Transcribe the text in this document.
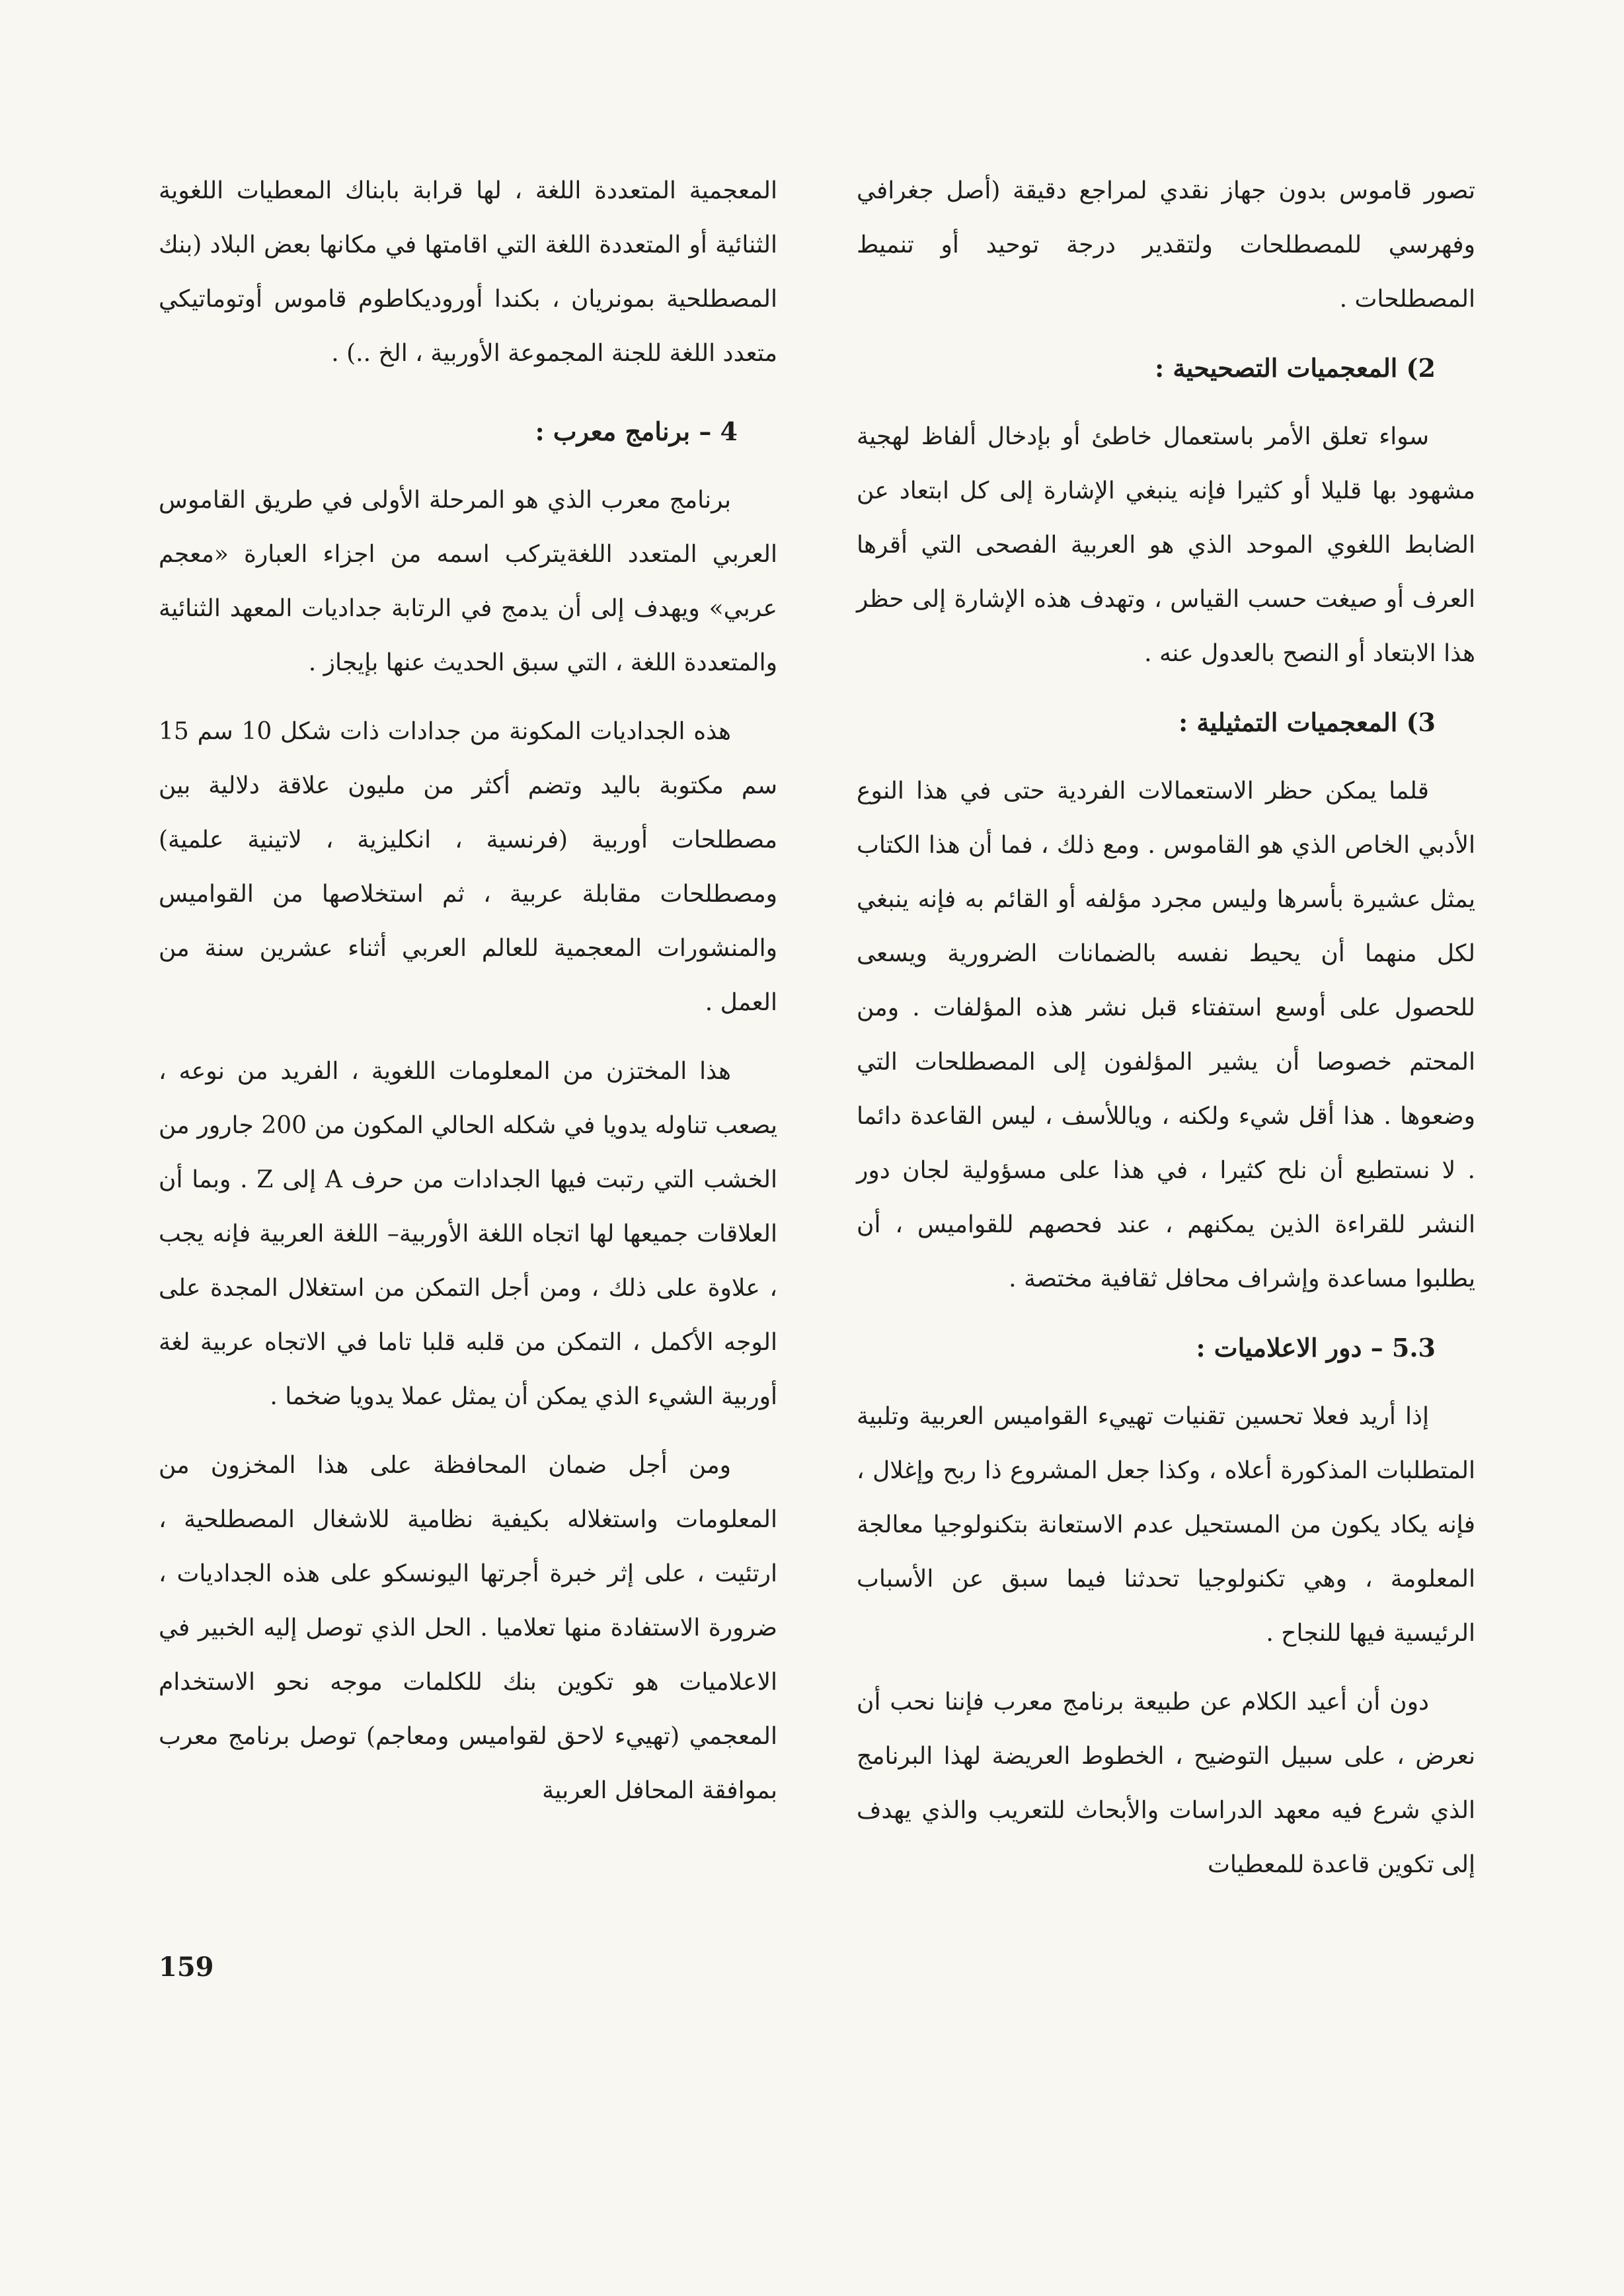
تصور قاموس بدون جهاز نقدي لمراجع دقيقة (أصل جغرافي وفهرسي للمصطلحات ولتقدير درجة توحيد أو تنميط المصطلحات .

2) المعجميات التصحيحية :

سواء تعلق الأمر باستعمال خاطئ أو بإدخال ألفاظ لهجية مشهود بها قليلا أو كثيرا فإنه ينبغي الإشارة إلى كل ابتعاد عن الضابط اللغوي الموحد الذي هو العربية الفصحى التي أقرها العرف أو صيغت حسب القياس ، وتهدف هذه الإشارة إلى حظر هذا الابتعاد أو النصح بالعدول عنه .

3) المعجميات التمثيلية :

قلما يمكن حظر الاستعمالات الفردية حتى في هذا النوع الأدبي الخاص الذي هو القاموس . ومع ذلك ، فما أن هذا الكتاب يمثل عشيرة بأسرها وليس مجرد مؤلفه أو القائم به فإنه ينبغي لكل منهما أن يحيط نفسه بالضمانات الضرورية ويسعى للحصول على أوسع استفتاء قبل نشر هذه المؤلفات . ومن المحتم خصوصا أن يشير المؤلفون إلى المصطلحات التي وضعوها . هذا أقل شيء ولكنه ، وياللأسف ، ليس القاعدة دائما . لا نستطيع أن نلح كثيرا ، في هذا على مسؤولية لجان دور النشر للقراءة الذين يمكنهم ، عند فحصهم للقواميس ، أن يطلبوا مساعدة وإشراف محافل ثقافية مختصة .

5.3 – دور الاعلاميات :

إذا أريد فعلا تحسين تقنيات تهييء القواميس العربية وتلبية المتطلبات المذكورة أعلاه ، وكذا جعل المشروع ذا ربح وإغلال ، فإنه يكاد يكون من المستحيل عدم الاستعانة بتكنولوجيا معالجة المعلومة ، وهي تكنولوجيا تحدثنا فيما سبق عن الأسباب الرئيسية فيها للنجاح .

دون أن أعيد الكلام عن طبيعة برنامج معرب فإننا نحب أن نعرض ، على سبيل التوضيح ، الخطوط العريضة لهذا البرنامج الذي شرع فيه معهد الدراسات والأبحاث للتعريب والذي يهدف إلى تكوين قاعدة للمعطيات

المعجمية المتعددة اللغة ، لها قرابة بابناك المعطيات اللغوية الثنائية أو المتعددة اللغة التي اقامتها في مكانها بعض البلاد (بنك المصطلحية بمونريان ، بكندا أوروديكاطوم قاموس أوتوماتيكي متعدد اللغة للجنة المجموعة الأوربية ، الخ ..) .

4 – برنامج معرب :

برنامج معرب الذي هو المرحلة الأولى في طريق القاموس العربي المتعدد اللغةيتركب اسمه من اجزاء العبارة «معجم عربي» ويهدف إلى أن يدمج في الرتابة جداديات المعهد الثنائية والمتعددة اللغة ، التي سبق الحديث عنها بإيجاز .

هذه الجداديات المكونة من جدادات ذات شكل 10 سم 15 سم مكتوبة باليد وتضم أكثر من مليون علاقة دلالية بين مصطلحات أوربية (فرنسية ، انكليزية ، لاتينية علمية) ومصطلحات مقابلة عربية ، ثم استخلاصها من القواميس والمنشورات المعجمية للعالم العربي أثناء عشرين سنة من العمل .

هذا المختزن من المعلومات اللغوية ، الفريد من نوعه ، يصعب تناوله يدويا في شكله الحالي المكون من 200 جارور من الخشب التي رتبت فيها الجدادات من حرف A إلى Z . وبما أن العلاقات جميعها لها اتجاه اللغة الأوربية– اللغة العربية فإنه يجب ، علاوة على ذلك ، ومن أجل التمكن من استغلال المجدة على الوجه الأكمل ، التمكن من قلبه قلبا تاما في الاتجاه عربية لغة أوربية الشيء الذي يمكن أن يمثل عملا يدويا ضخما .

ومن أجل ضمان المحافظة على هذا المخزون من المعلومات واستغلاله بكيفية نظامية للاشغال المصطلحية ، ارتئيت ، على إثر خبرة أجرتها اليونسكو على هذه الجداديات ، ضرورة الاستفادة منها تعلاميا . الحل الذي توصل إليه الخبير في الاعلاميات هو تكوين بنك للكلمات موجه نحو الاستخدام المعجمي (تهييء لاحق لقواميس ومعاجم) توصل برنامج معرب بموافقة المحافل العربية

159
